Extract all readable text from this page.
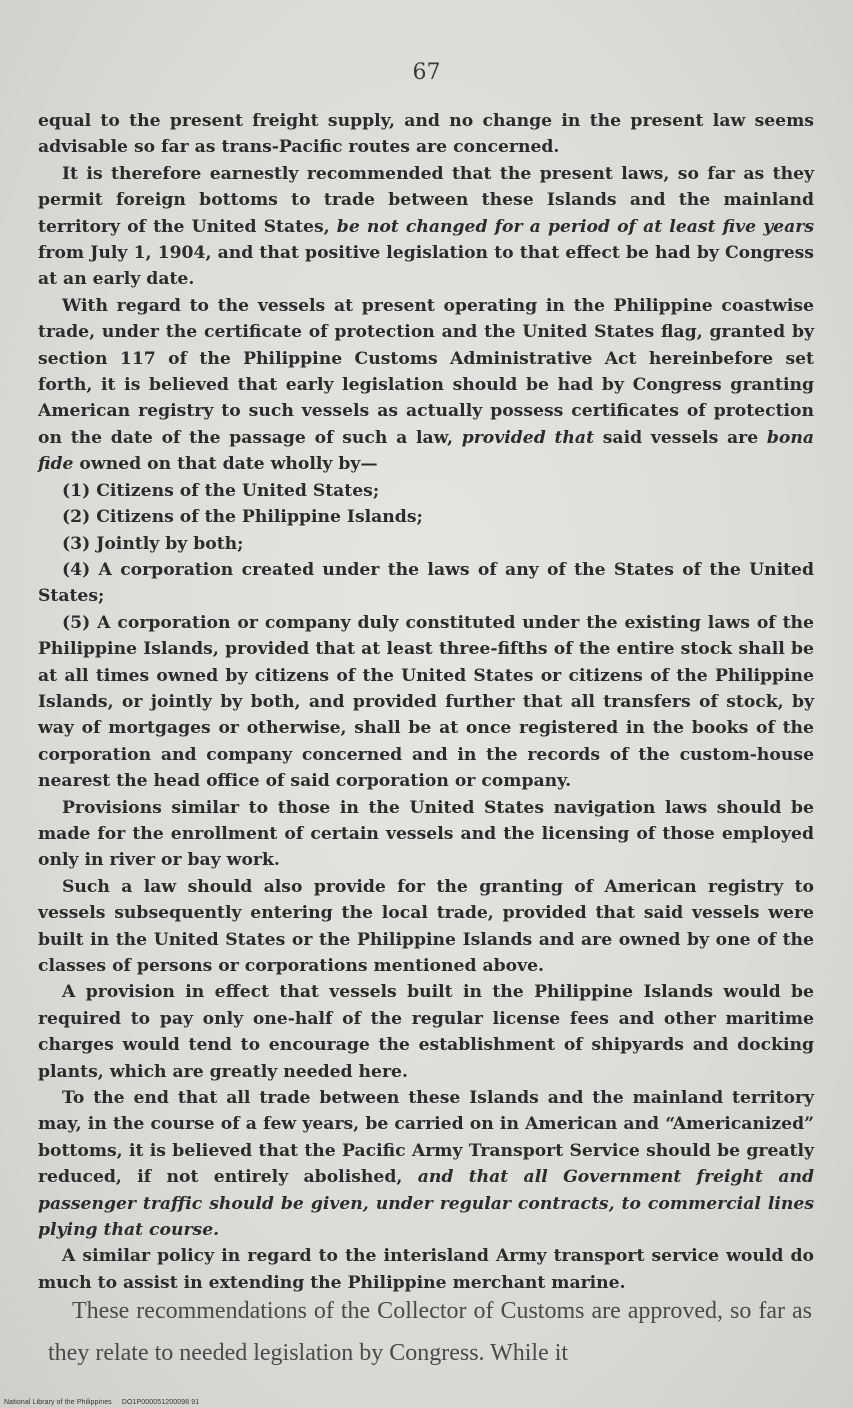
67

equal to the present freight supply, and no change in the present law seems advisable so far as trans-Pacific routes are concerned.

It is therefore earnestly recommended that the present laws, so far as they permit foreign bottoms to trade between these Islands and the mainland territory of the United States, be not changed for a period of at least five years from July 1, 1904, and that positive legislation to that effect be had by Congress at an early date.

With regard to the vessels at present operating in the Philippine coastwise trade, under the certificate of protection and the United States flag, granted by section 117 of the Philippine Customs Administrative Act hereinbefore set forth, it is believed that early legislation should be had by Congress granting American registry to such vessels as actually possess certificates of protection on the date of the passage of such a law, provided that said vessels are bona fide owned on that date wholly by—

(1) Citizens of the United States;

(2) Citizens of the Philippine Islands;

(3) Jointly by both;

(4) A corporation created under the laws of any of the States of the United States;

(5) A corporation or company duly constituted under the existing laws of the Philippine Islands, provided that at least three-fifths of the entire stock shall be at all times owned by citizens of the United States or citizens of the Philippine Islands, or jointly by both, and provided further that all transfers of stock, by way of mortgages or otherwise, shall be at once registered in the books of the corporation and company concerned and in the records of the custom-house nearest the head office of said corporation or company.

Provisions similar to those in the United States navigation laws should be made for the enrollment of certain vessels and the licensing of those employed only in river or bay work.

Such a law should also provide for the granting of American registry to vessels subsequently entering the local trade, provided that said vessels were built in the United States or the Philippine Islands and are owned by one of the classes of persons or corporations mentioned above.

A provision in effect that vessels built in the Philippine Islands would be required to pay only one-half of the regular license fees and other maritime charges would tend to encourage the establishment of shipyards and docking plants, which are greatly needed here.

To the end that all trade between these Islands and the mainland territory may, in the course of a few years, be carried on in American and “Americanized” bottoms, it is believed that the Pacific Army Transport Service should be greatly reduced, if not entirely abolished, and that all Government freight and passenger traffic should be given, under regular contracts, to commercial lines plying that course.

A similar policy in regard to the interisland Army transport service would do much to assist in extending the Philippine merchant marine.

These recommendations of the Collector of Customs are approved, so far as they relate to needed legislation by Congress. While it

National Library of the Philippines DO1P000051200098 91
